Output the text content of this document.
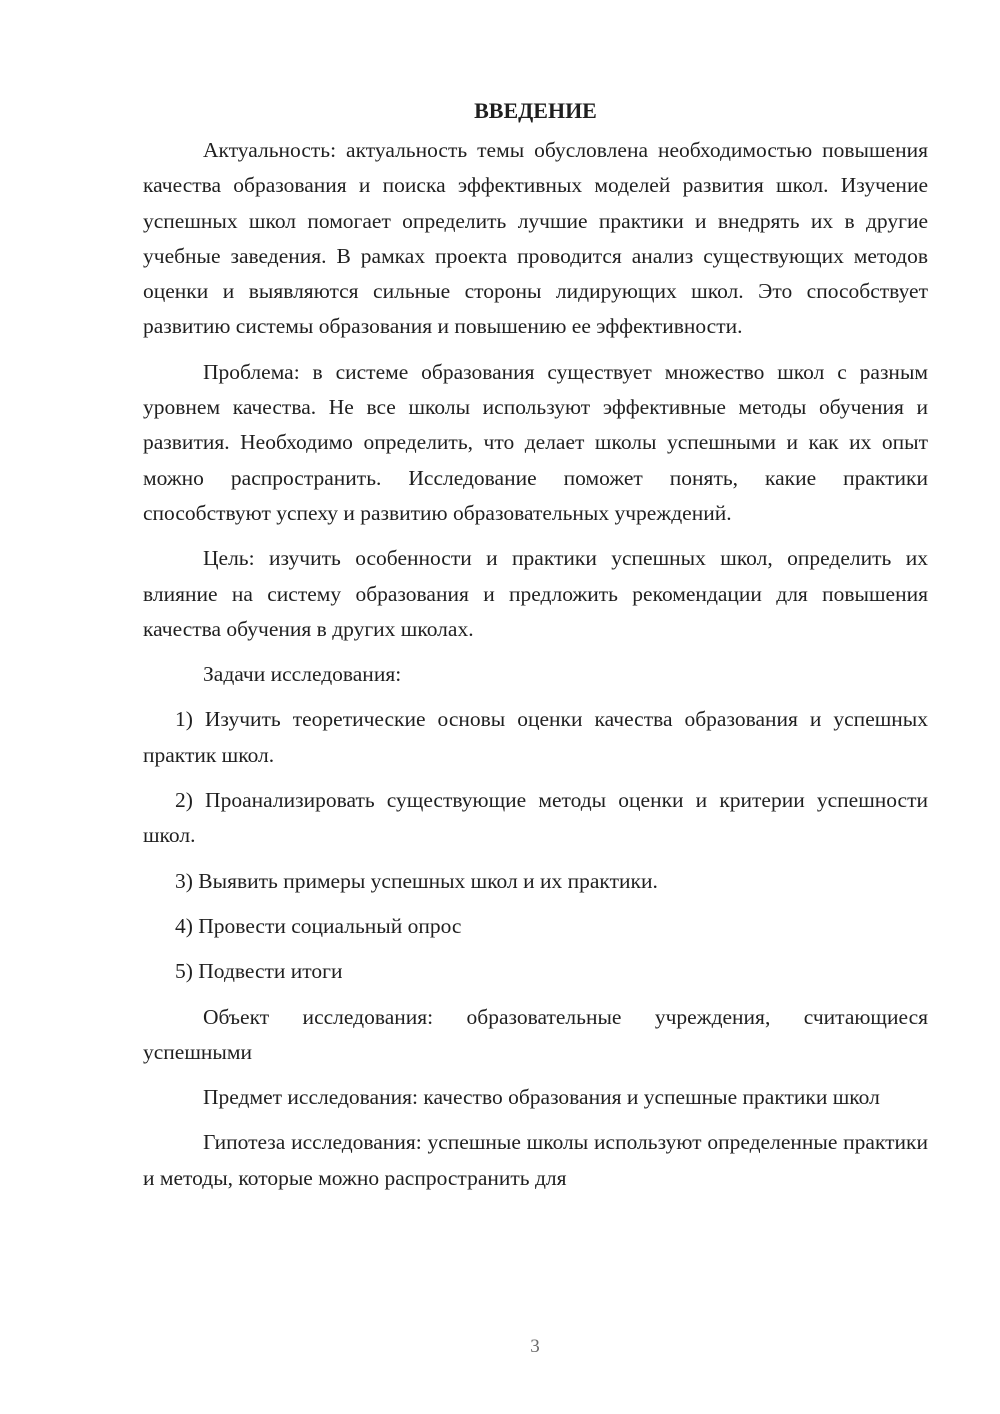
ВВЕДЕНИЕ

Актуальность: актуальность темы обусловлена необходимостью повышения качества образования и поиска эффективных моделей развития школ. Изучение успешных школ помогает определить лучшие практики и внедрять их в другие учебные заведения. В рамках проекта проводится анализ существующих методов оценки и выявляются сильные стороны лидирующих школ. Это способствует развитию системы образования и повышению ее эффективности.

Проблема: в системе образования существует множество школ с разным уровнем качества. Не все школы используют эффективные методы обучения и развития. Необходимо определить, что делает школы успешными и как их опыт можно распространить. Исследование поможет понять, какие практики способствуют успеху и развитию образовательных учреждений.

Цель: изучить особенности и практики успешных школ, определить их влияние на систему образования и предложить рекомендации для повышения качества обучения в других школах.

Задачи исследования:

1) Изучить теоретические основы оценки качества образования и успешных практик школ.

2) Проанализировать существующие методы оценки и критерии успешности школ.

3) Выявить примеры успешных школ и их практики.

4) Провести социальный опрос

5) Подвести итоги

Объект исследования: образовательные учреждения, считающиеся успешными

Предмет исследования: качество образования и успешные практики школ

Гипотеза исследования: успешные школы используют определенные практики и методы, которые можно распространить для

3
